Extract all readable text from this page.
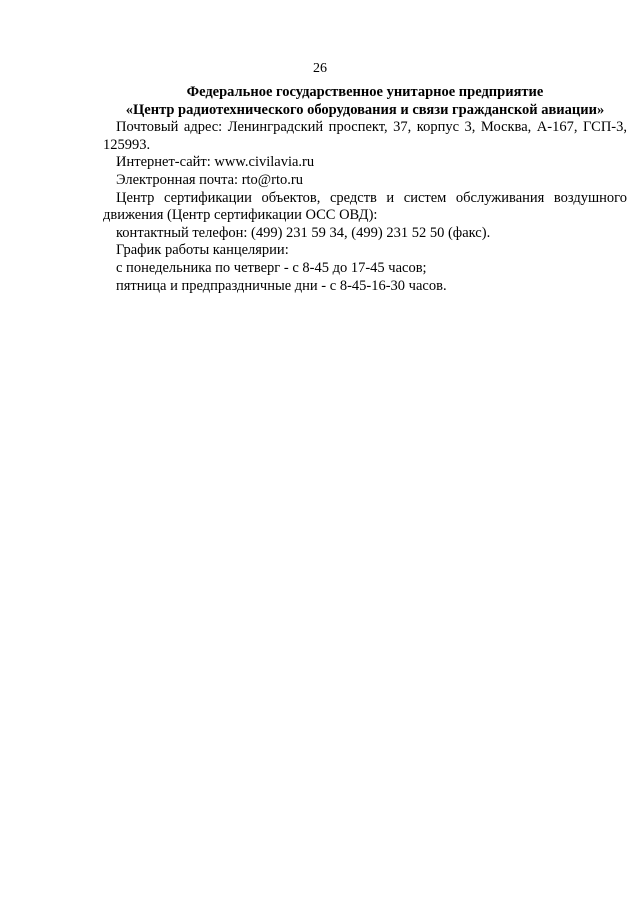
26

Федеральное государственное унитарное предприятие

«Центр радиотехнического оборудования и связи гражданской авиации»

Почтовый адрес: Ленинградский проспект, 37, корпус 3, Москва, А-167, ГСП-3, 125993.

Интернет-сайт: www.civilavia.ru

Электронная почта: rto@rto.ru

Центр сертификации объектов, средств и систем обслуживания воздушного движения (Центр сертификации ОСС ОВД):

контактный телефон: (499) 231 59 34, (499) 231 52 50 (факс).

График работы канцелярии:

с понедельника по четверг - с 8-45 до 17-45 часов;

пятница и предпраздничные дни - с 8-45-16-30 часов.
